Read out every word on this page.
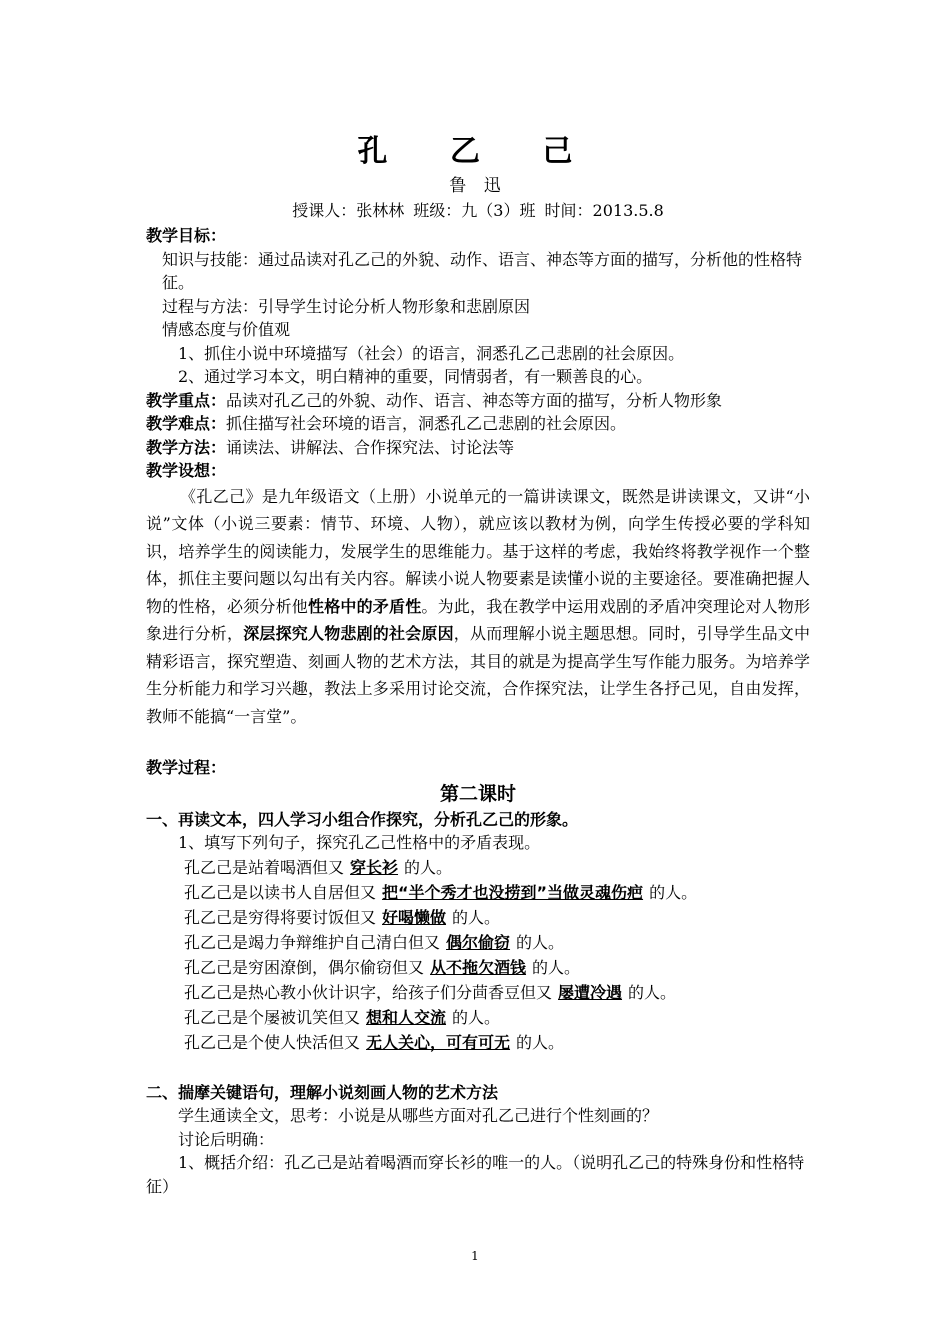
孔 乙 己
鲁 迅
授课人：张林林 班级：九（3）班 时间：2013.5.8
教学目标：
知识与技能：通过品读对孔乙己的外貌、动作、语言、神态等方面的描写，分析他的性格特征。
过程与方法：引导学生讨论分析人物形象和悲剧原因
情感态度与价值观
1、抓住小说中环境描写（社会）的语言，洞悉孔乙己悲剧的社会原因。
2、通过学习本文，明白精神的重要，同情弱者，有一颗善良的心。
教学重点：品读对孔乙己的外貌、动作、语言、神态等方面的描写，分析人物形象
教学难点：抓住描写社会环境的语言，洞悉孔乙己悲剧的社会原因。
教学方法：诵读法、讲解法、合作探究法、讨论法等
教学设想：
《孔乙己》是九年级语文（上册）小说单元的一篇讲读课文，既然是讲读课文，又讲“小说”文体（小说三要素：情节、环境、人物），就应该以教材为例，向学生传授必要的学科知识，培养学生的阅读能力，发展学生的思维能力。基于这样的考虑，我始终将教学视作一个整体，抓住主要问题以勾出有关内容。解读小说人物要素是读懂小说的主要途径。要准确把握人物的性格，必须分析他性格中的矛盾性。为此，我在教学中运用戏剧的矛盾冲突理论对人物形象进行分析，深层探究人物悲剧的社会原因，从而理解小说主题思想。同时，引导学生品文中精彩语言，探究塑造、刻画人物的艺术方法，其目的就是为提高学生写作能力服务。为培养学生分析能力和学习兴趣，教法上多采用讨论交流，合作探究法，让学生各抒己见，自由发挥，教师不能搞“一言堂”。
教学过程：
第二课时
一、再读文本，四人学习小组合作探究，分析孔乙己的形象。
1、填写下列句子，探究孔乙己性格中的矛盾表现。
孔乙己是站着喝酒但又 穿长衫 的人。
孔乙己是以读书人自居但又 把“半个秀才也没捞到”当做灵魂伤疤 的人。
孔乙己是穷得将要讨饭但又 好喝懒做 的人。
孔乙己是竭力争辩维护自己清白但又 偶尔偷窃 的人。
孔乙己是穷困潦倒，偶尔偷窃但又 从不拖欠酒钱 的人。
孔乙己是热心教小伙计识字，给孩子们分茴香豆但又 屡遭冷遇 的人。
孔乙己是个屡被讥笑但又 想和人交流 的人。
孔乙己是个使人快活但又 无人关心，可有可无 的人。
二、揣摩关键语句，理解小说刻画人物的艺术方法
学生通读全文，思考：小说是从哪些方面对孔乙己进行个性刻画的？
讨论后明确：
1、概括介绍：孔乙己是站着喝酒而穿长衫的唯一的人。（说明孔乙己的特殊身份和性格特征）
1
